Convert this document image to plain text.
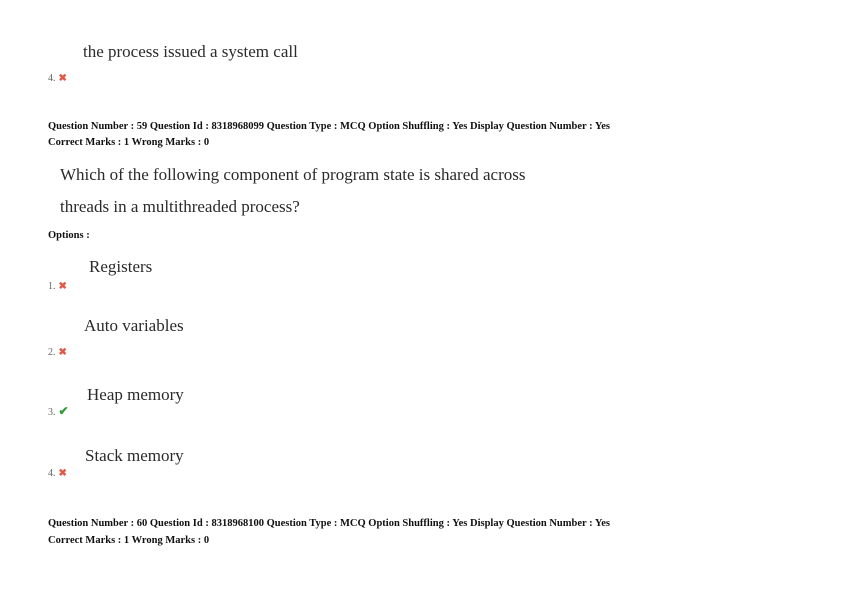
the process issued a system call
4. ✖
Question Number : 59 Question Id : 8318968099 Question Type : MCQ Option Shuffling : Yes Display Question Number : Yes
Correct Marks : 1 Wrong Marks : 0
Which of the following component of program state is shared across
threads in a multithreaded process?
Options :
Registers
1. ✖
Auto variables
2. ✖
Heap memory
3. ✔
Stack memory
4. ✖
Question Number : 60 Question Id : 8318968100 Question Type : MCQ Option Shuffling : Yes Display Question Number : Yes
Correct Marks : 1 Wrong Marks : 0
